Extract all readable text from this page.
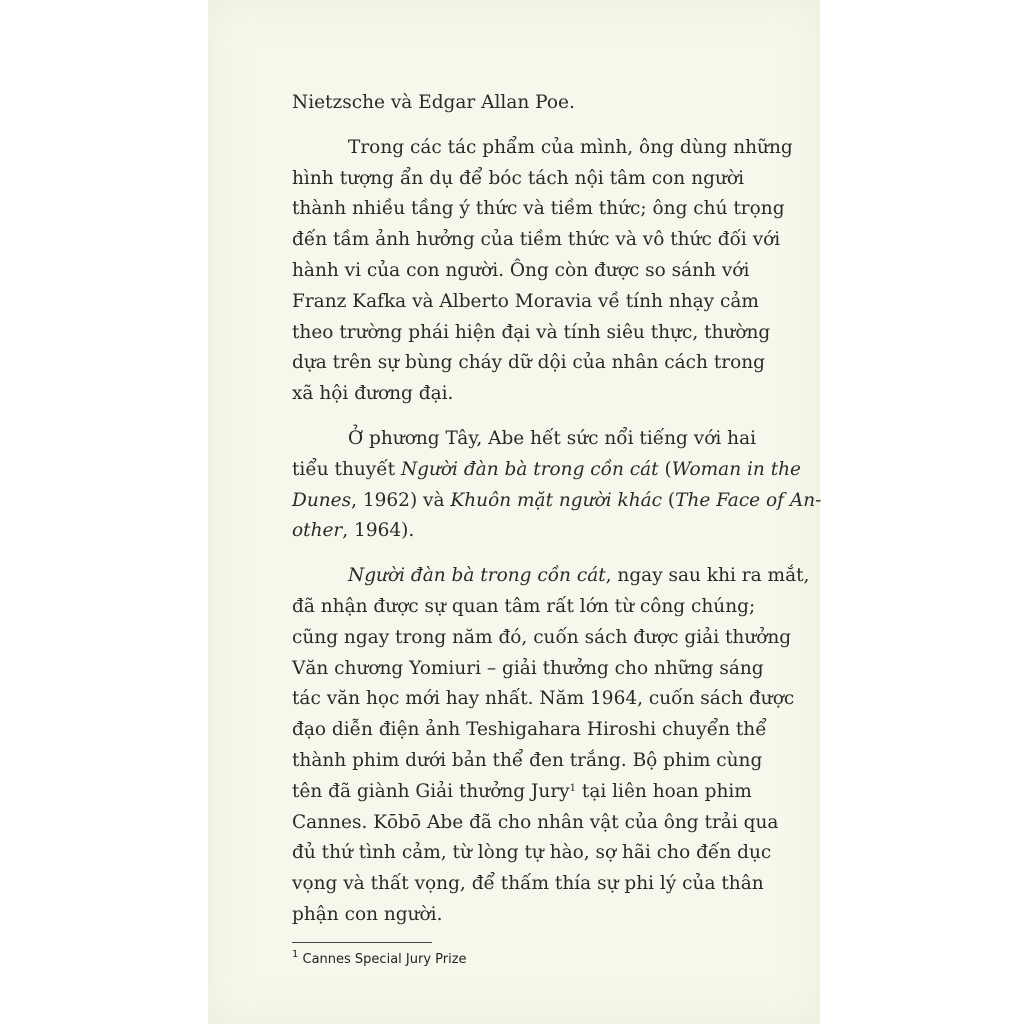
Nietzsche và Edgar Allan Poe.

Trong các tác phẩm của mình, ông dùng những
hình tượng ẩn dụ để bóc tách nội tâm con người
thành nhiều tầng ý thức và tiềm thức; ông chú trọng
đến tầm ảnh hưởng của tiềm thức và vô thức đối với
hành vi của con người. Ông còn được so sánh với
Franz Kafka và Alberto Moravia về tính nhạy cảm
theo trường phái hiện đại và tính siêu thực, thường
dựa trên sự bùng cháy dữ dội của nhân cách trong
xã hội đương đại.

Ở phương Tây, Abe hết sức nổi tiếng với hai
tiểu thuyết Người đàn bà trong cồn cát (Woman in the
Dunes, 1962) và Khuôn mặt người khác (The Face of An-
other, 1964).

Người đàn bà trong cồn cát, ngay sau khi ra mắt,
đã nhận được sự quan tâm rất lớn từ công chúng;
cũng ngay trong năm đó, cuốn sách được giải thưởng
Văn chương Yomiuri – giải thưởng cho những sáng
tác văn học mới hay nhất. Năm 1964, cuốn sách được
đạo diễn điện ảnh Teshigahara Hiroshi chuyển thể
thành phim dưới bản thể đen trắng. Bộ phim cùng
tên đã giành Giải thưởng Jury$^1$ tại liên hoan phim
Cannes. Kōbō Abe đã cho nhân vật của ông trải qua
đủ thứ tình cảm, từ lòng tự hào, sợ hãi cho đến dục
vọng và thất vọng, để thấm thía sự phi lý của thân
phận con người.

$^1$ Cannes Special Jury Prize
